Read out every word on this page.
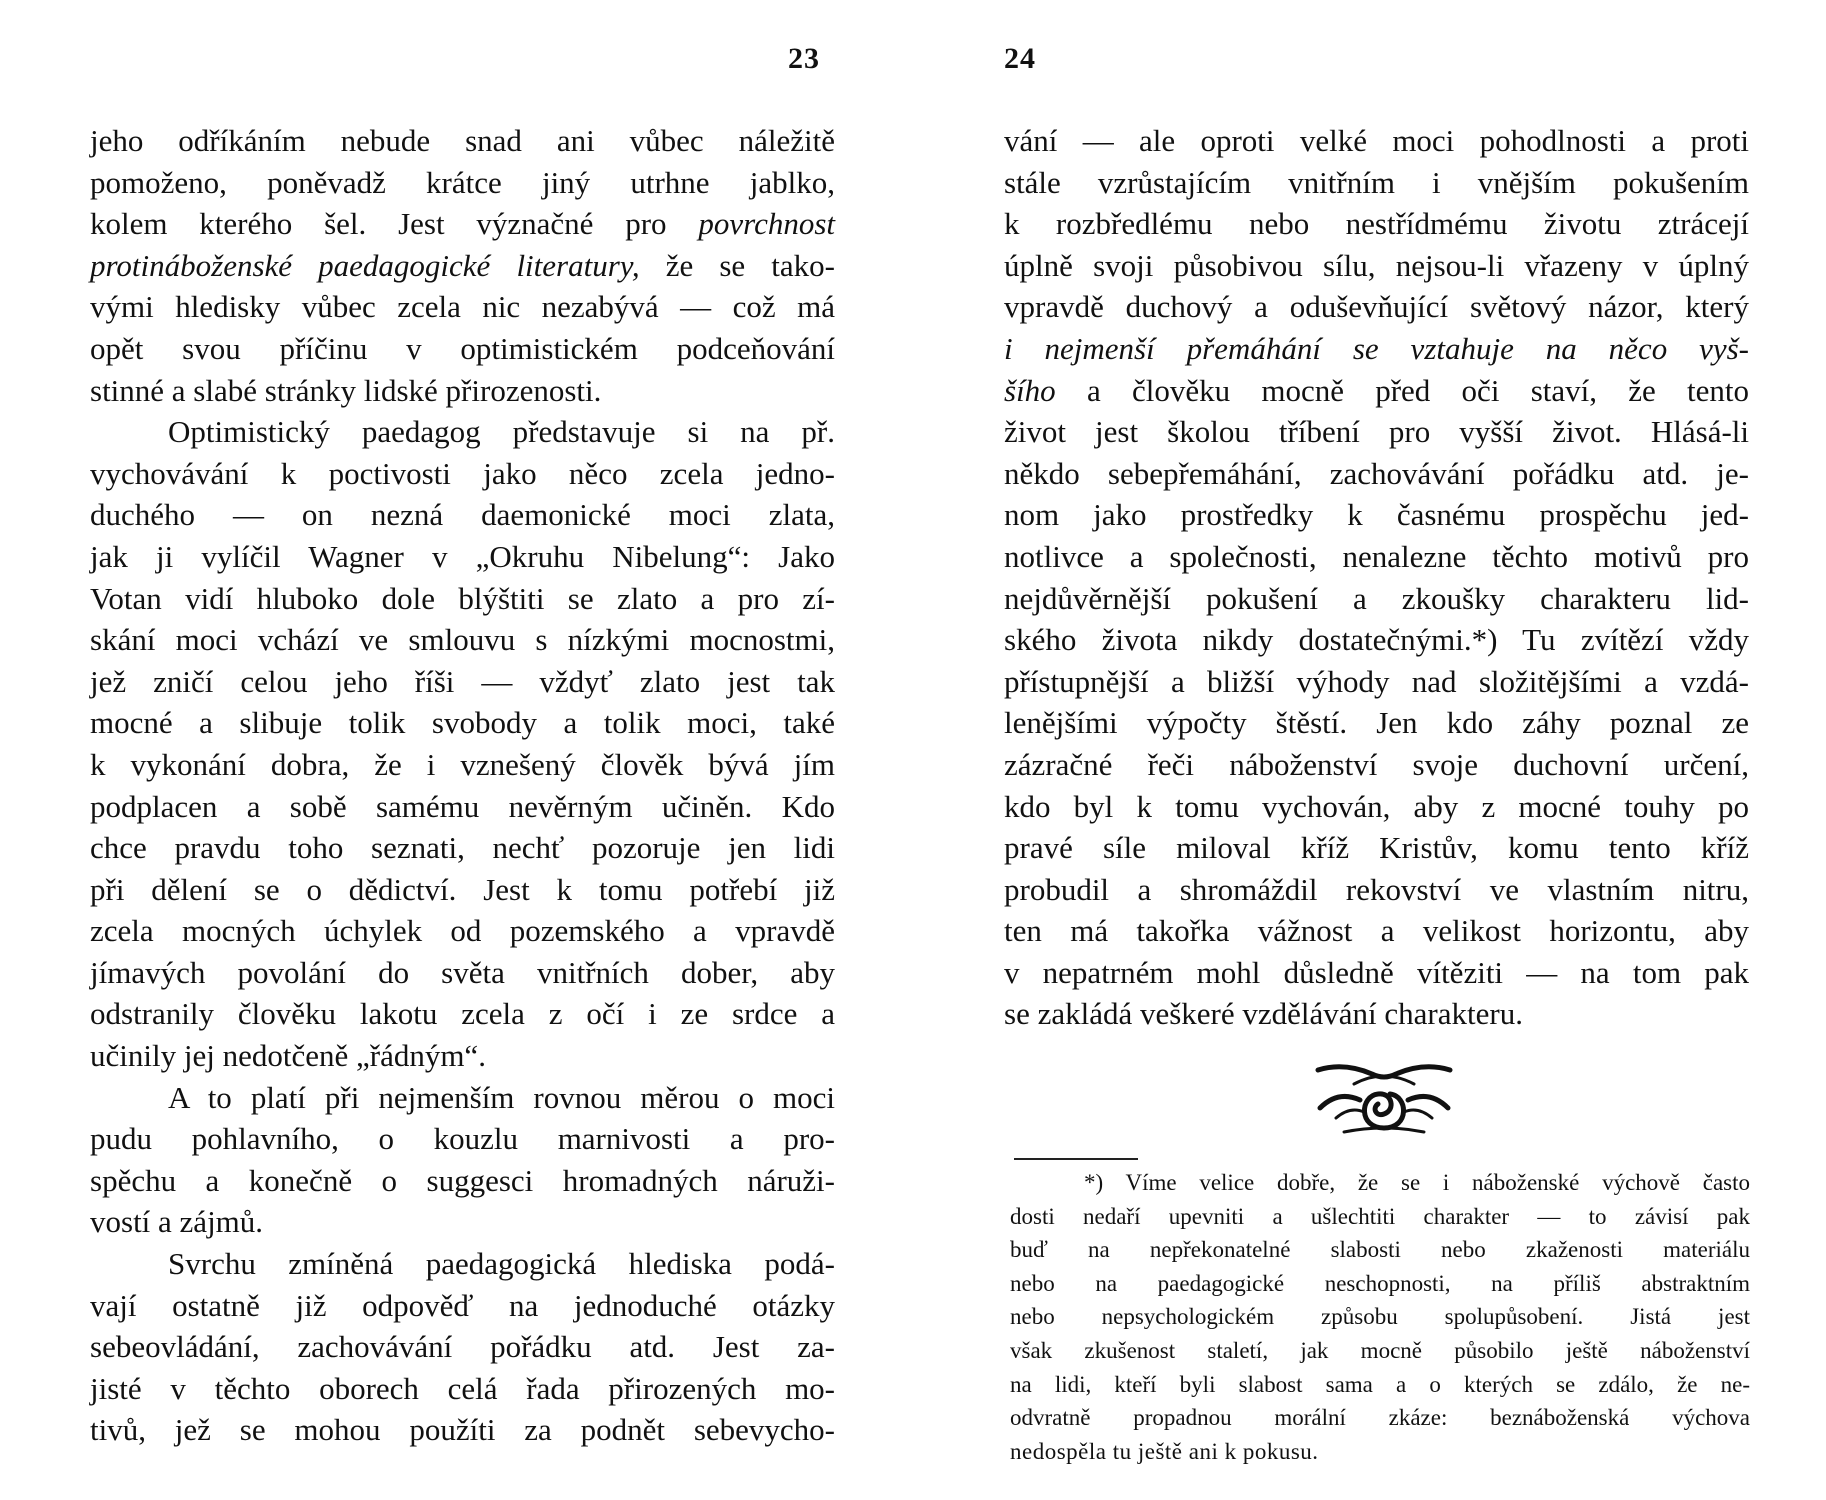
23
jeho odříkáním nebude snad ani vůbec náležitě
pomoženo, poněvadž krátce jiný utrhne jablko,
kolem kterého šel. Jest význačné pro povrchnost
protináboženské paedagogické literatury, že se tako-
vými hledisky vůbec zcela nic nezabývá — což má
opět svou příčinu v optimistickém podceňování
stinné a slabé stránky lidské přirozenosti.
Optimistický paedagog představuje si na př.
vychovávání k poctivosti jako něco zcela jedno-
duchého — on nezná daemonické moci zlata,
jak ji vylíčil Wagner v „Okruhu Nibelung“: Jako
Votan vidí hluboko dole blýštiti se zlato a pro zí-
skání moci vchází ve smlouvu s nízkými mocnostmi,
jež zničí celou jeho říši — vždyť zlato jest tak
mocné a slibuje tolik svobody a tolik moci, také
k vykonání dobra, že i vznešený člověk bývá jím
podplacen a sobě samému nevěrným učiněn. Kdo
chce pravdu toho seznati, nechť pozoruje jen lidi
při dělení se o dědictví. Jest k tomu potřebí již
zcela mocných úchylek od pozemského a vpravdě
jímavých povolání do světa vnitřních dober, aby
odstranily člověku lakotu zcela z očí i ze srdce a
učinily jej nedotčeně „řádným“.
A to platí při nejmenším rovnou měrou o moci
pudu pohlavního, o kouzlu marnivosti a pro-
spěchu a konečně o suggesci hromadných náruži-
vostí a zájmů.
Svrchu zmíněná paedagogická hlediska podá-
vají ostatně již odpověď na jednoduché otázky
sebeovládání, zachovávání pořádku atd. Jest za-
jisté v těchto oborech celá řada přirozených mo-
tivů, jež se mohou použíti za podnět sebevycho-
24
vání — ale oproti velké moci pohodlnosti a proti
stále vzrůstajícím vnitřním i vnějším pokušením
k rozbředlému nebo nestřídmému životu ztrácejí
úplně svoji působivou sílu, nejsou-li vřazeny v úplný
vpravdě duchový a oduševňující světový názor, který
i nejmenší přemáhání se vztahuje na něco vyš-
šího a člověku mocně před oči staví, že tento
život jest školou tříbení pro vyšší život. Hlásá-li
někdo sebepřemáhání, zachovávání pořádku atd. je-
nom jako prostředky k časnému prospěchu jed-
notlivce a společnosti, nenalezne těchto motivů pro
nejdůvěrnější pokušení a zkoušky charakteru lid-
ského života nikdy dostatečnými.*) Tu zvítězí vždy
přístupnější a bližší výhody nad složitějšími a vzdá-
lenějšími výpočty štěstí. Jen kdo záhy poznal ze
zázračné řeči náboženství svoje duchovní určení,
kdo byl k tomu vychován, aby z mocné touhy po
pravé síle miloval kříž Kristův, komu tento kříž
probudil a shromáždil rekovství ve vlastním nitru,
ten má takořka vážnost a velikost horizontu, aby
v nepatrném mohl důsledně vítěziti — na tom pak
se zakládá veškeré vzdělávání charakteru.
*) Víme velice dobře, že se i náboženské výchově často
dosti nedaří upevniti a ušlechtiti charakter — to závisí pak
buď na nepřekonatelné slabosti nebo zkaženosti materiálu
nebo na paedagogické neschopnosti, na příliš abstraktním
nebo nepsychologickém způsobu spolupůsobení. Jistá jest
však zkušenost staletí, jak mocně působilo ještě náboženství
na lidi, kteří byli slabost sama a o kterých se zdálo, že ne-
odvratně propadnou morální zkáze: beznáboženská výchova
nedospěla tu ještě ani k pokusu.
